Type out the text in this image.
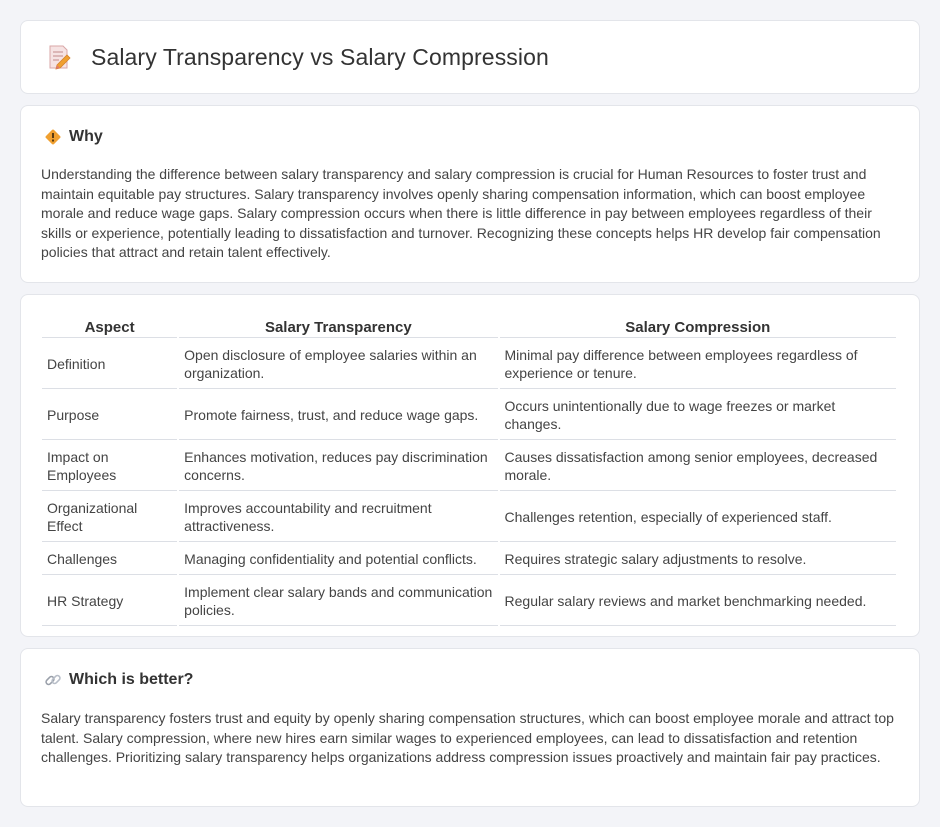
Salary Transparency vs Salary Compression
Why

Understanding the difference between salary transparency and salary compression is crucial for Human Resources to foster trust and maintain equitable pay structures. Salary transparency involves openly sharing compensation information, which can boost employee morale and reduce wage gaps. Salary compression occurs when there is little difference in pay between employees regardless of their skills or experience, potentially leading to dissatisfaction and turnover. Recognizing these concepts helps HR develop fair compensation policies that attract and retain talent effectively.

Aspect	Salary Transparency	Salary Compression
Definition	Open disclosure of employee salaries within an organization.	Minimal pay difference between employees regardless of experience or tenure.
Purpose	Promote fairness, trust, and reduce wage gaps.	Occurs unintentionally due to wage freezes or market changes.
Impact on Employees	Enhances motivation, reduces pay discrimination concerns.	Causes dissatisfaction among senior employees, decreased morale.
Organizational Effect	Improves accountability and recruitment attractiveness.	Challenges retention, especially of experienced staff.
Challenges	Managing confidentiality and potential conflicts.	Requires strategic salary adjustments to resolve.
HR Strategy	Implement clear salary bands and communication policies.	Regular salary reviews and market benchmarking needed.
Which is better?

Salary transparency fosters trust and equity by openly sharing compensation structures, which can boost employee morale and attract top talent. Salary compression, where new hires earn similar wages to experienced employees, can lead to dissatisfaction and retention challenges. Prioritizing salary transparency helps organizations address compression issues proactively and maintain fair pay practices.
